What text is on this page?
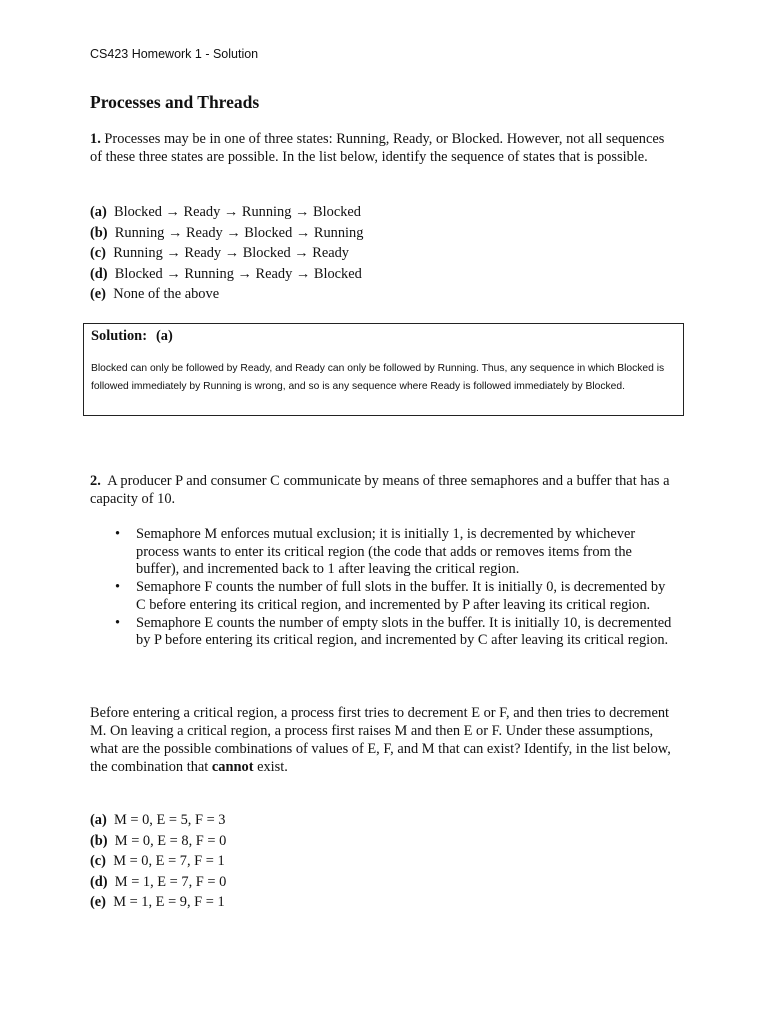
CS423 Homework 1 - Solution
Processes and Threads
1. Processes may be in one of three states: Running, Ready, or Blocked. However, not all sequences of these three states are possible. In the list below, identify the sequence of states that is possible.
(a) Blocked → Ready → Running → Blocked
(b) Running → Ready → Blocked → Running
(c) Running → Ready → Blocked → Ready
(d) Blocked → Running → Ready → Blocked
(e) None of the above
Solution: (a)
Blocked can only be followed by Ready, and Ready can only be followed by Running. Thus, any sequence in which Blocked is followed immediately by Running is wrong, and so is any sequence where Ready is followed immediately by Blocked.
2. A producer P and consumer C communicate by means of three semaphores and a buffer that has a capacity of 10.
• Semaphore M enforces mutual exclusion; it is initially 1, is decremented by whichever process wants to enter its critical region (the code that adds or removes items from the buffer), and incremented back to 1 after leaving the critical region.
• Semaphore F counts the number of full slots in the buffer. It is initially 0, is decremented by C before entering its critical region, and incremented by P after leaving its critical region.
• Semaphore E counts the number of empty slots in the buffer. It is initially 10, is decremented by P before entering its critical region, and incremented by C after leaving its critical region.
Before entering a critical region, a process first tries to decrement E or F, and then tries to decrement M. On leaving a critical region, a process first raises M and then E or F. Under these assumptions, what are the possible combinations of values of E, F, and M that can exist? Identify, in the list below, the combination that cannot exist.
(a) M = 0, E = 5, F = 3
(b) M = 0, E = 8, F = 0
(c) M = 0, E = 7, F = 1
(d) M = 1, E = 7, F = 0
(e) M = 1, E = 9, F = 1
